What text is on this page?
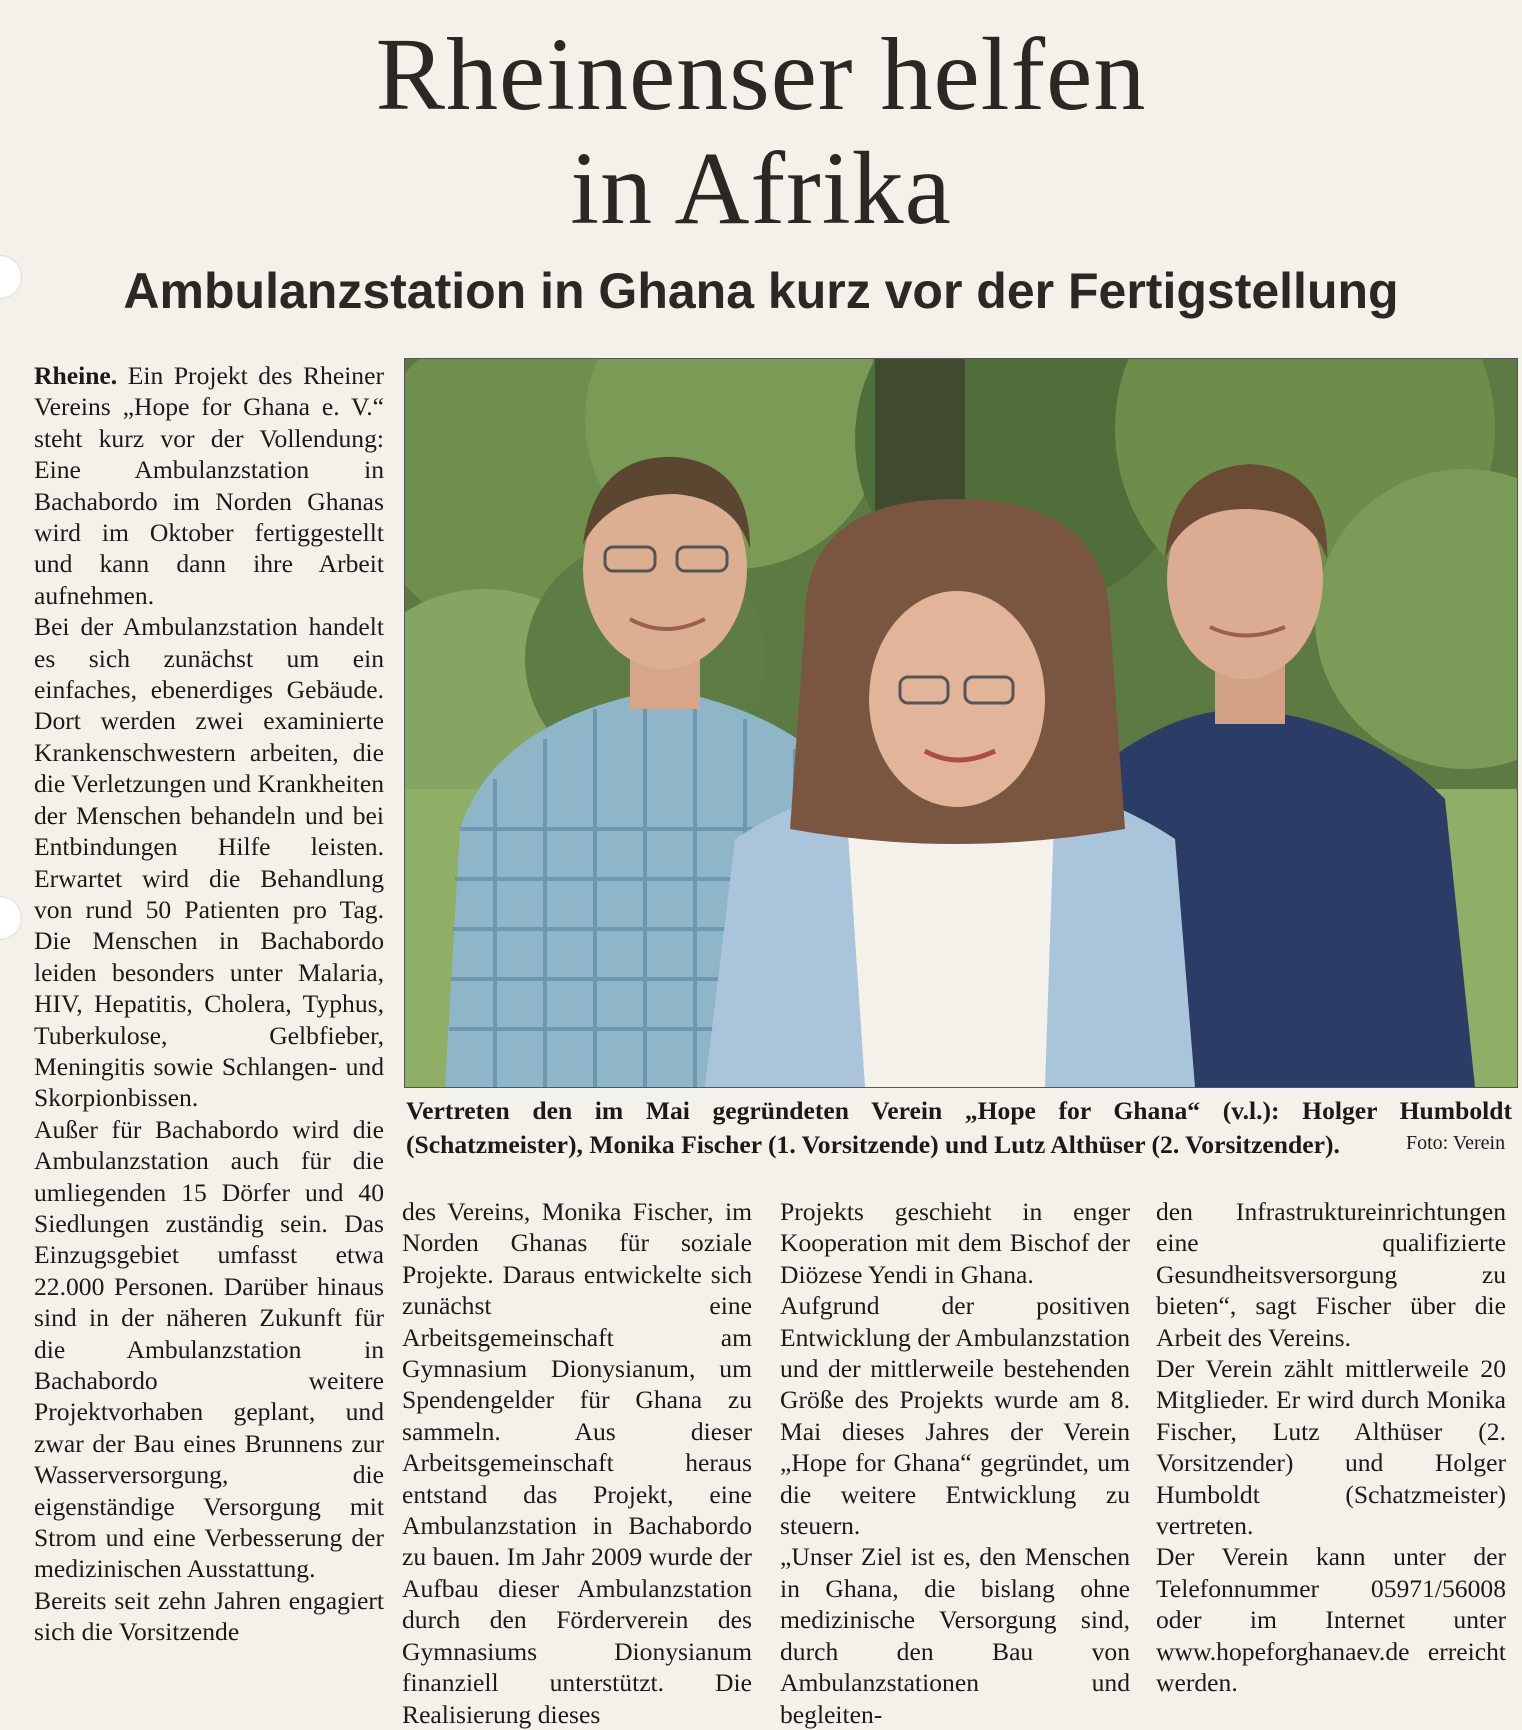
Rheinenser helfen
in Afrika
Ambulanzstation in Ghana kurz vor der Fertigstellung

Rheine. Ein Projekt des Rheiner Vereins „Hope for Ghana e. V.“ steht kurz vor der Vollendung: Eine Ambulanzstation in Bachabordo im Norden Ghanas wird im Oktober fertiggestellt und kann dann ihre Arbeit aufnehmen.

Bei der Ambulanzstation handelt es sich zunächst um ein einfaches, ebenerdiges Gebäude. Dort werden zwei examinierte Krankenschwestern arbeiten, die die Verletzungen und Krankheiten der Menschen behandeln und bei Entbindungen Hilfe leisten. Erwartet wird die Behandlung von rund 50 Patienten pro Tag. Die Menschen in Bachabordo leiden besonders unter Malaria, HIV, Hepatitis, Cholera, Typhus, Tuberkulose, Gelbfieber, Meningitis sowie Schlangen- und Skorpionbissen.

Außer für Bachabordo wird die Ambulanzstation auch für die umliegenden 15 Dörfer und 40 Siedlungen zuständig sein. Das Einzugsgebiet umfasst etwa 22.000 Personen. Darüber hinaus sind in der näheren Zukunft für die Ambulanzstation in Bachabordo weitere Projektvorhaben geplant, und zwar der Bau eines Brunnens zur Wasserversorgung, die eigenständige Versorgung mit Strom und eine Verbesserung der medizinischen Ausstattung.

Bereits seit zehn Jahren engagiert sich die Vorsitzende

Vertreten den im Mai gegründeten Verein „Hope for Ghana“ (v.l.): Holger Humboldt (Schatzmeister), Monika Fischer (1. Vorsitzende) und Lutz Althüser (2. Vorsitzender).	Foto: Verein

des Vereins, Monika Fischer, im Norden Ghanas für soziale Projekte. Daraus entwickelte sich zunächst eine Arbeitsgemeinschaft am Gymnasium Dionysianum, um Spendengelder für Ghana zu sammeln. Aus dieser Arbeitsgemeinschaft heraus entstand das Projekt, eine Ambulanzstation in Bachabordo zu bauen. Im Jahr 2009 wurde der Aufbau dieser Ambulanzstation durch den Förderverein des Gymnasiums Dionysianum finanziell unterstützt. Die Realisierung dieses

Projekts geschieht in enger Kooperation mit dem Bischof der Diözese Yendi in Ghana.

Aufgrund der positiven Entwicklung der Ambulanzstation und der mittlerweile bestehenden Größe des Projekts wurde am 8. Mai dieses Jahres der Verein „Hope for Ghana“ gegründet, um die weitere Entwicklung zu steuern.

„Unser Ziel ist es, den Menschen in Ghana, die bislang ohne medizinische Versorgung sind, durch den Bau von Ambulanzstationen und begleiten-

den Infrastruktureinrichtungen eine qualifizierte Gesundheitsversorgung zu bieten“, sagt Fischer über die Arbeit des Vereins.

Der Verein zählt mittlerweile 20 Mitglieder. Er wird durch Monika Fischer, Lutz Althüser (2. Vorsitzender) und Holger Humboldt (Schatzmeister) vertreten.

Der Verein kann unter der Telefonnummer 05971/56008 oder im Internet unter www.hopeforghanaev.de erreicht werden.
